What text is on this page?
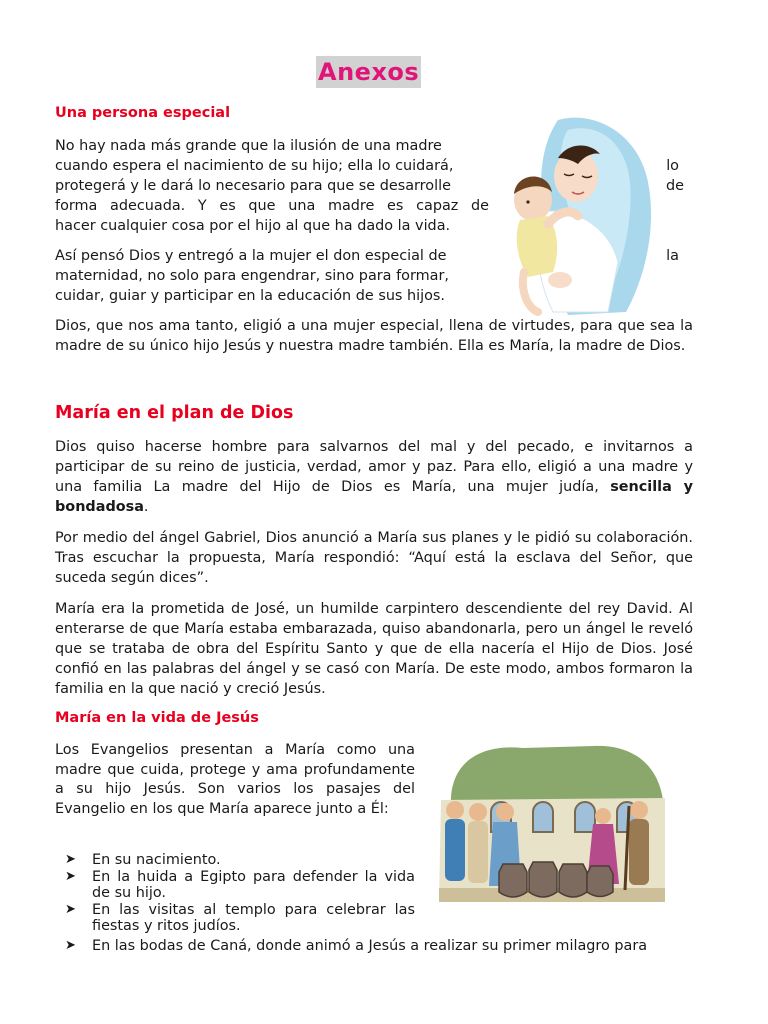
Anexos
Una persona especial
No hay nada más grande que la ilusión de una madre
cuando espera el nacimiento de su hijo; ella lo cuidará,	lo
protegerá y le dará lo necesario para que se desarrolle	de
forma adecuada. Y es que una madre es capaz de
hacer cualquier cosa por el hijo al que ha dado la vida.
Así pensó Dios y entregó a la mujer el don especial de	la
maternidad, no solo para engendrar, sino para formar,
cuidar, guiar y participar en la educación de sus hijos.

Dios, que nos ama tanto, eligió a una mujer especial, llena de virtudes, para que sea la madre de su único hijo Jesús y nuestra madre también. Ella es María, la madre de Dios.

María en el plan de Dios

Dios quiso hacerse hombre para salvarnos del mal y del pecado, e invitarnos a participar de su reino de justicia, verdad, amor y paz. Para ello, eligió a una madre y una familia La madre del Hijo de Dios es María, una mujer judía, sencilla y bondadosa.

Por medio del ángel Gabriel, Dios anunció a María sus planes y le pidió su colaboración. Tras escuchar la propuesta, María respondió: “Aquí está la esclava del Señor, que suceda según dices”.

María era la prometida de José, un humilde carpintero descendiente del rey David. Al enterarse de que María estaba embarazada, quiso abandonarla, pero un ángel le reveló que se trataba de obra del Espíritu Santo y que de ella nacería el Hijo de Dios. José confió en las palabras del ángel y se casó con María. De este modo, ambos formaron la familia en la que nació y creció Jesús.

María en la vida de Jesús

Los Evangelios presentan a María como una madre que cuida, protege y ama profundamente a su hijo Jesús. Son varios los pasajes del Evangelio en los que María aparece junto a Él:

➤ En su nacimiento.
➤ En la huida a Egipto para defender la vida de su hijo.
➤ En las visitas al templo para celebrar las fiestas y ritos judíos.
➤ En las bodas de Caná, donde animó a Jesús a realizar su primer milagro para
